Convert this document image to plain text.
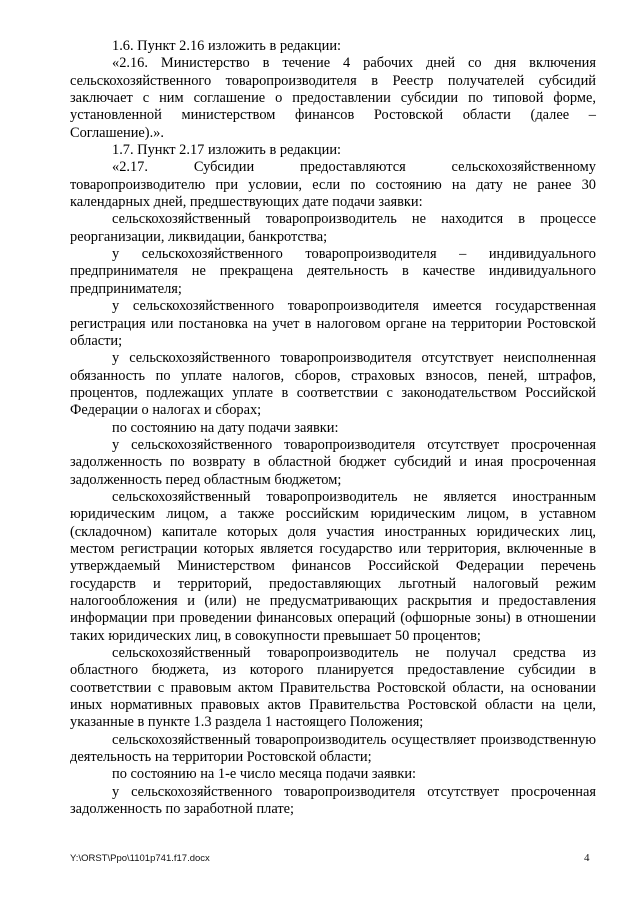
1.6. Пункт 2.16 изложить в редакции:

«2.16. Министерство в течение 4 рабочих дней со дня включения сельскохозяйственного товаропроизводителя в Реестр получателей субсидий заключает с ним соглашение о предоставлении субсидии по типовой форме, установленной министерством финансов Ростовской области (далее – Соглашение).».

1.7. Пункт 2.17 изложить в редакции:

«2.17. Субсидии предоставляются сельскохозяйственному товаропроизводителю при условии, если по состоянию на дату не ранее 30 календарных дней, предшествующих дате подачи заявки:

сельскохозяйственный товаропроизводитель не находится в процессе реорганизации, ликвидации, банкротства;

у сельскохозяйственного товаропроизводителя – индивидуального предпринимателя не прекращена деятельность в качестве индивидуального предпринимателя;

у сельскохозяйственного товаропроизводителя имеется государственная регистрация или постановка на учет в налоговом органе на территории Ростовской области;

у сельскохозяйственного товаропроизводителя отсутствует неисполненная обязанность по уплате налогов, сборов, страховых взносов, пеней, штрафов, процентов, подлежащих уплате в соответствии с законодательством Российской Федерации о налогах и сборах;

по состоянию на дату подачи заявки:

у сельскохозяйственного товаропроизводителя отсутствует просроченная задолженность по возврату в областной бюджет субсидий и иная просроченная задолженность перед областным бюджетом;

сельскохозяйственный товаропроизводитель не является иностранным юридическим лицом, а также российским юридическим лицом, в уставном (складочном) капитале которых доля участия иностранных юридических лиц, местом регистрации которых является государство или территория, включенные в утверждаемый Министерством финансов Российской Федерации перечень государств и территорий, предоставляющих льготный налоговый режим налогообложения и (или) не предусматривающих раскрытия и предоставления информации при проведении финансовых операций (офшорные зоны) в отношении таких юридических лиц, в совокупности превышает 50 процентов;

сельскохозяйственный товаропроизводитель не получал средства из областного бюджета, из которого планируется предоставление субсидии в соответствии с правовым актом Правительства Ростовской области, на основании иных нормативных правовых актов Правительства Ростовской области на цели, указанные в пункте 1.3 раздела 1 настоящего Положения;

сельскохозяйственный товаропроизводитель осуществляет производственную деятельность на территории Ростовской области;

по состоянию на 1-е число месяца подачи заявки:

у сельскохозяйственного товаропроизводителя отсутствует просроченная задолженность по заработной плате;

Y:\ORST\Ppo\1101p741.f17.docx	4
